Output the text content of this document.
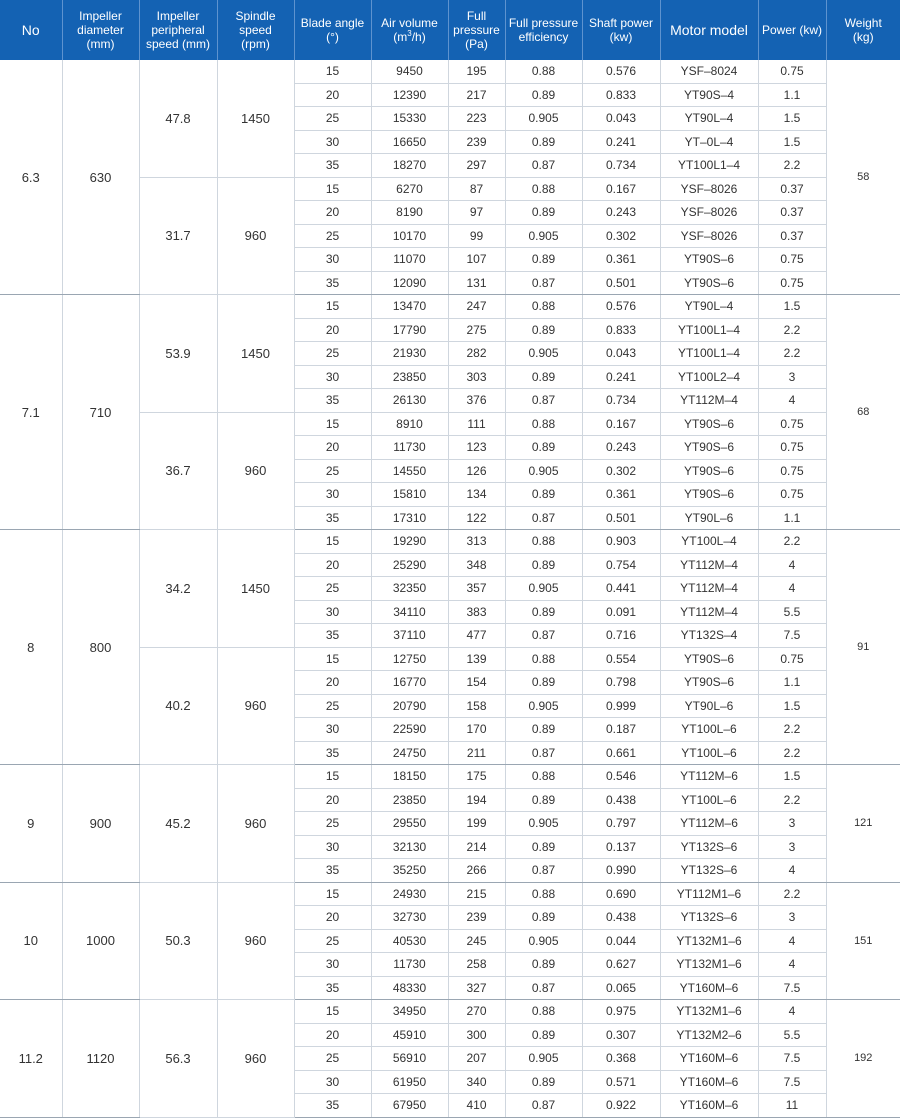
No	Impeller
diameter
(mm)	Impeller
peripheral
speed (mm)	Spindle
speed
(rpm)	Blade angle
(°)	Air volume
$(m^3/h)$	Full
pressure
(Pa)	Full pressure
efficiency	Shaft power
(kw)	Motor model	Power (kw)	Weight
(kg)
6.3	630	47.8	1450	15	9450	195	0.88	0.576	YSF–8024	0.75	58
				20	12390	217	0.89	0.833	YT90S–4	1.1	
				25	15330	223	0.905	0.043	YT90L–4	1.5	
				30	16650	239	0.89	0.241	YT–0L–4	1.5	
				35	18270	297	0.87	0.734	YT100L1–4	2.2	
		31.7	960	15	6270	87	0.88	0.167	YSF–8026	0.37	
				20	8190	97	0.89	0.243	YSF–8026	0.37	
				25	10170	99	0.905	0.302	YSF–8026	0.37	
				30	11070	107	0.89	0.361	YT90S–6	0.75	
				35	12090	131	0.87	0.501	YT90S–6	0.75	
7.1	710	53.9	1450	15	13470	247	0.88	0.576	YT90L–4	1.5	68
				20	17790	275	0.89	0.833	YT100L1–4	2.2	
				25	21930	282	0.905	0.043	YT100L1–4	2.2	
				30	23850	303	0.89	0.241	YT100L2–4	3	
				35	26130	376	0.87	0.734	YT112M–4	4	
		36.7	960	15	8910	111	0.88	0.167	YT90S–6	0.75	
				20	11730	123	0.89	0.243	YT90S–6	0.75	
				25	14550	126	0.905	0.302	YT90S–6	0.75	
				30	15810	134	0.89	0.361	YT90S–6	0.75	
				35	17310	122	0.87	0.501	YT90L–6	1.1	
8	800	34.2	1450	15	19290	313	0.88	0.903	YT100L–4	2.2	91
				20	25290	348	0.89	0.754	YT112M–4	4	
				25	32350	357	0.905	0.441	YT112M–4	4	
				30	34110	383	0.89	0.091	YT112M–4	5.5	
				35	37110	477	0.87	0.716	YT132S–4	7.5	
		40.2	960	15	12750	139	0.88	0.554	YT90S–6	0.75	
				20	16770	154	0.89	0.798	YT90S–6	1.1	
				25	20790	158	0.905	0.999	YT90L–6	1.5	
				30	22590	170	0.89	0.187	YT100L–6	2.2	
				35	24750	211	0.87	0.661	YT100L–6	2.2	
9	900	45.2	960	15	18150	175	0.88	0.546	YT112M–6	1.5	121
				20	23850	194	0.89	0.438	YT100L–6	2.2	
				25	29550	199	0.905	0.797	YT112M–6	3	
				30	32130	214	0.89	0.137	YT132S–6	3	
				35	35250	266	0.87	0.990	YT132S–6	4	
10	1000	50.3	960	15	24930	215	0.88	0.690	YT112M1–6	2.2	151
				20	32730	239	0.89	0.438	YT132S–6	3	
				25	40530	245	0.905	0.044	YT132M1–6	4	
				30	11730	258	0.89	0.627	YT132M1–6	4	
				35	48330	327	0.87	0.065	YT160M–6	7.5	
11.2	1120	56.3	960	15	34950	270	0.88	0.975	YT132M1–6	4	192
				20	45910	300	0.89	0.307	YT132M2–6	5.5	
				25	56910	207	0.905	0.368	YT160M–6	7.5	
				30	61950	340	0.89	0.571	YT160M–6	7.5	
				35	67950	410	0.87	0.922	YT160M–6	11	
